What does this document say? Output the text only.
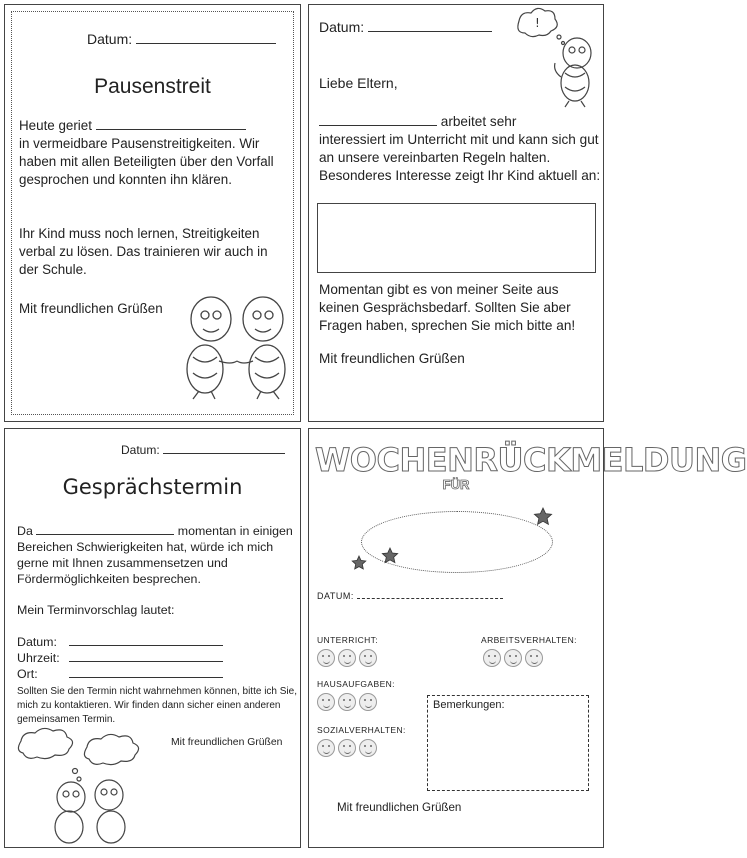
Datum:
Pausenstreit
Heute geriet
in vermeidbare Pausenstreitigkeiten. Wir haben mit allen Beteiligten über den Vorfall gesprochen und konnten ihn klären.
Ihr Kind muss noch lernen, Streitigkeiten verbal zu lösen. Das trainieren wir auch in der Schule.
Mit freundlichen Grüßen
Datum:	!
Liebe Eltern,
arbeitet sehr
interessiert im Unterricht mit und kann sich gut an unsere vereinbarten Regeln halten. Besonderes Interesse zeigt Ihr Kind aktuell an:
Momentan gibt es von meiner Seite aus keinen Gesprächsbedarf. Sollten Sie aber Fragen haben, sprechen Sie mich bitte an!
Mit freundlichen Grüßen
Datum:
Gesprächstermin
Da	momentan in einigen
Bereichen Schwierigkeiten hat, würde ich mich gerne mit Ihnen zusammensetzen und Fördermöglichkeiten besprechen.
Mein Terminvorschlag lautet:
Datum:
Uhrzeit:
Ort:
Sollten Sie den Termin nicht wahrnehmen können, bitte ich Sie, mich zu kontaktieren. Wir finden dann sicher einen anderen gemeinsamen Termin.
Mit freundlichen Grüßen
WOCHENRÜCKMELDUNG
FÜR
DATUM:
UNTERRICHT:	ARBEITSVERHALTEN:
HAUSAUFGABEN:
SOZIALVERHALTEN:
Bemerkungen:
Mit freundlichen Grüßen
